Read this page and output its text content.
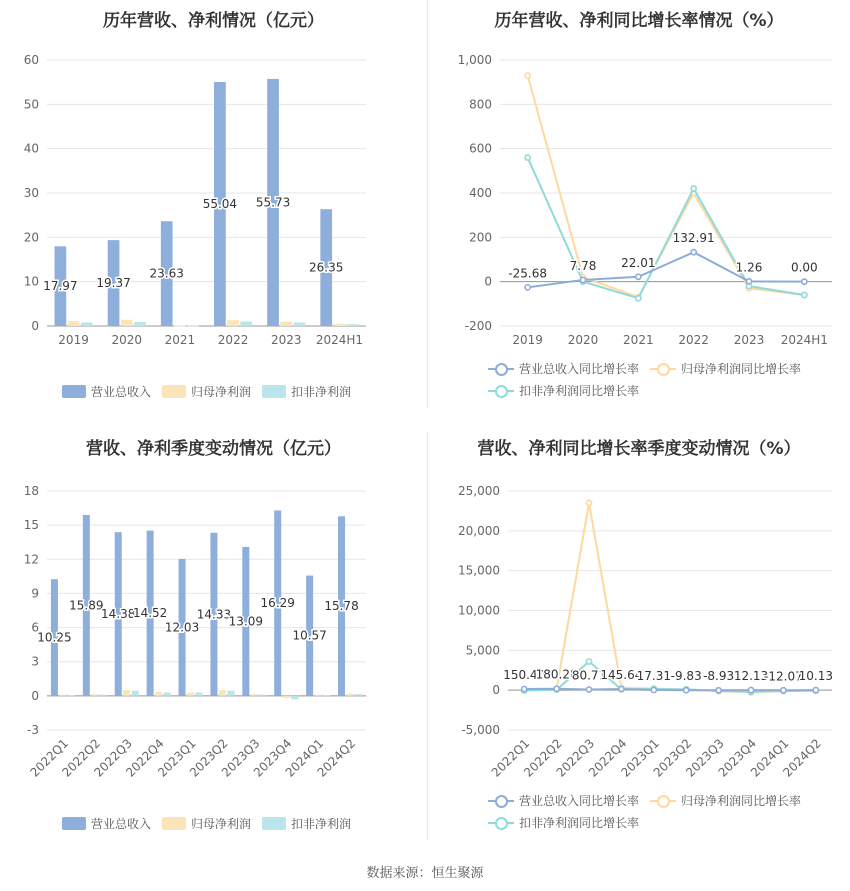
历年营收、净利情况（亿元）
0
10
20
30
40
50
60
2019 2020 2021 2022 2023 2024H1
17.97 19.37
23.63
55.04 55.73
26.35
营业总收入	归母净利润	扣非净利润
历年营收、净利同比增长率情况（%）
-200
0
200
400
600
800
1,000
2019 2020 2021 2022 2023 2024H1
-25.68
7.78 22.01
132.91
1.26 0.00
营业总收入同比增长率	归母净利润同比增长率
扣非净利润同比增长率
营收、净利季度变动情况（亿元）
-3
0
3
6
9
12
15
18
2022Q1
2022Q2
2022Q3
2022Q4
2023Q1
2023Q2
2023Q3
2023Q4
2024Q1
2024Q2
10.25
15.89
14.38
14.52
12.03
14.33
13.09
16.29
10.57
15.78
营业总收入	归母净利润	扣非净利润
营收、净利同比增长率季度变动情况（%）
-5,000
0
5,000
10,000
15,000
20,000
25,000
2022Q1
2022Q2
2022Q3
2022Q4
2023Q1
2023Q2
2023Q3
2023Q4
2024Q1
2024Q2
150.40
180.28
80.71
145.64
17.31 -9.83 -8.93 12.13
-12.07
10.13
营业总收入同比增长率	归母净利润同比增长率
扣非净利润同比增长率
数据来源：恒生聚源
